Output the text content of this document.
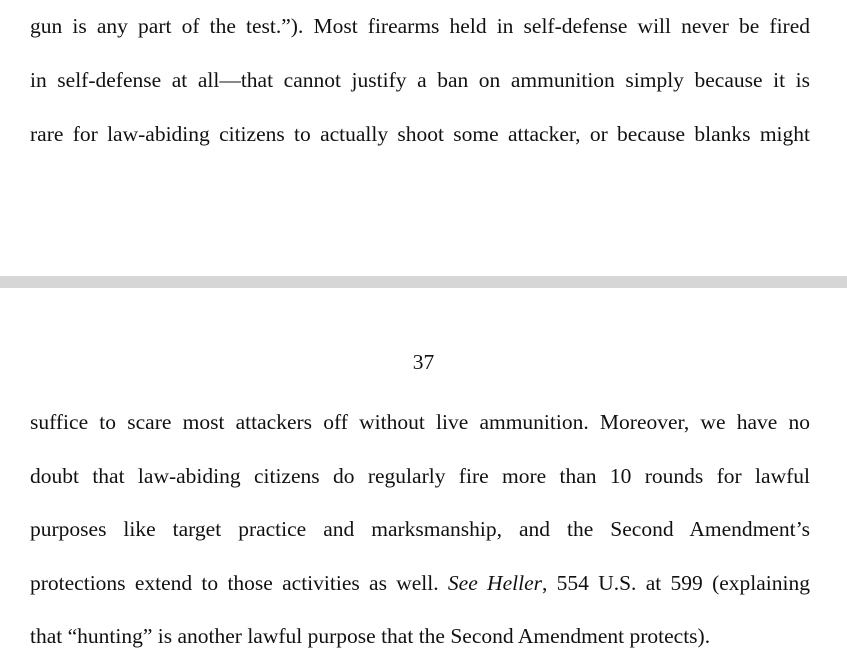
gun is any part of the test.”). Most firearms held in self-defense will never be fired
in self-defense at all—that cannot justify a ban on ammunition simply because it is
rare for law-abiding citizens to actually shoot some attacker, or because blanks might
37
suffice to scare most attackers off without live ammunition. Moreover, we have no
doubt that law-abiding citizens do regularly fire more than 10 rounds for lawful
purposes like target practice and marksmanship, and the Second Amendment’s
protections extend to those activities as well. See Heller, 554 U.S. at 599 (explaining
that “hunting” is another lawful purpose that the Second Amendment protects).
